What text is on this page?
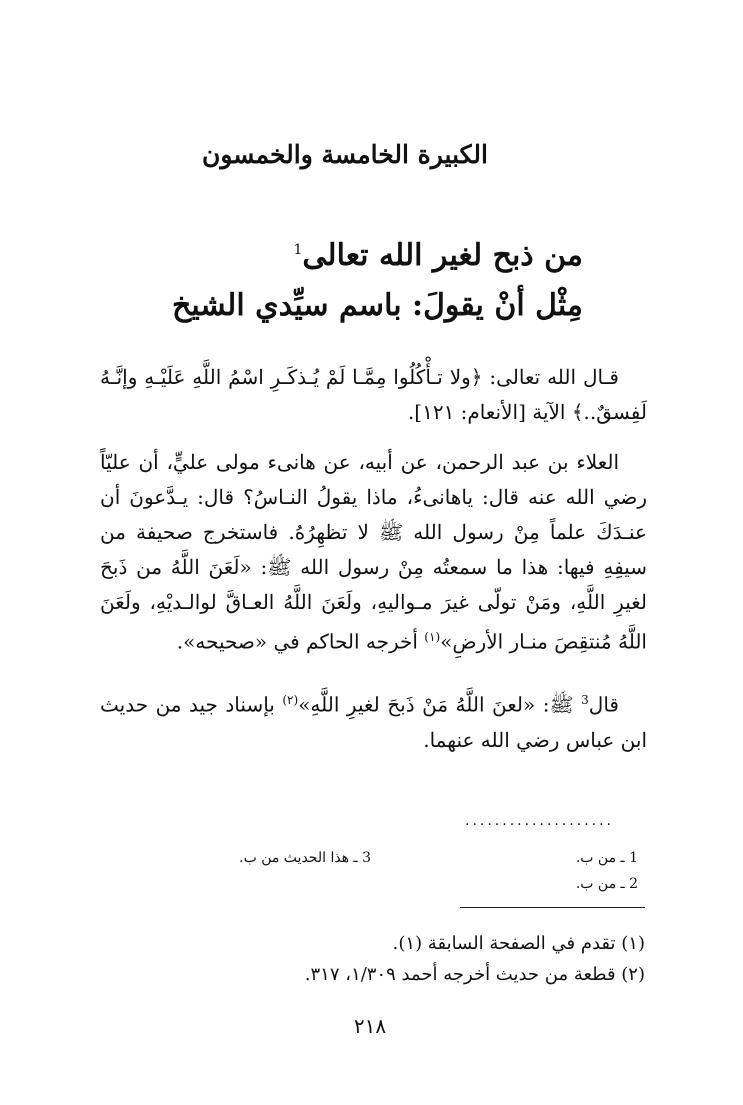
الكبيرة الخامسة والخمسون
من ذبح لغير الله تعالى$^1$
مِثْل أنْ يقولَ: باسم سيِّدي الشيخ

قـال الله تعالى: ﴿ولا تـأْكُلُوا مِمَّـا لَمْ يُـذكَـرِ اسْمُ اللَّهِ عَلَيْـهِ وإنَّـهُ لَفِسقٌ..﴾ الآية [الأنعام: ١٢١].

العلاء بن عبد الرحمن، عن أبيه، عن هانىء مولى عليٍّ، أن عليّاً رضي الله عنه قال: ياهانىءُ، ماذا يقولُ النـاسُ؟ قال: يـدَّعونَ أن عنـدَكَ علماً مِنْ رسول الله ﷺ لا تظهِرُهُ. فاستخرج صحيفة من سيفِهِ فيها: هذا ما سمعتُه مِنْ رسول الله ﷺ: «لَعَنَ اللَّهُ من ذَبحَ لغيرِ اللَّهِ، ومَنْ تولّى غيرَ مـواليهِ، ولَعَنَ اللَّهُ العـاقَّ لوالـديْهِ، ولَعَنَ اللَّهُ مُنتقِصَ منـار الأرضِ»$^{(١)}$ أخرجه الحاكم في «صحيحه».

قال$^3$ ﷺ: «لعنَ اللَّهُ مَنْ ذَبحَ لغيرِ اللَّهِ»$^{(٢)}$ بإسناد جيد من حديث ابن عباس رضي الله عنهما.

....................
1 ـ من ب.
2 ـ من ب.
3 ـ هذا الحديث من ب.
(١) تقدم في الصفحة السابقة (١).
(٢) قطعة من حديث أخرجه أحمد ١/٣٠٩، ٣١٧.
٢١٨
